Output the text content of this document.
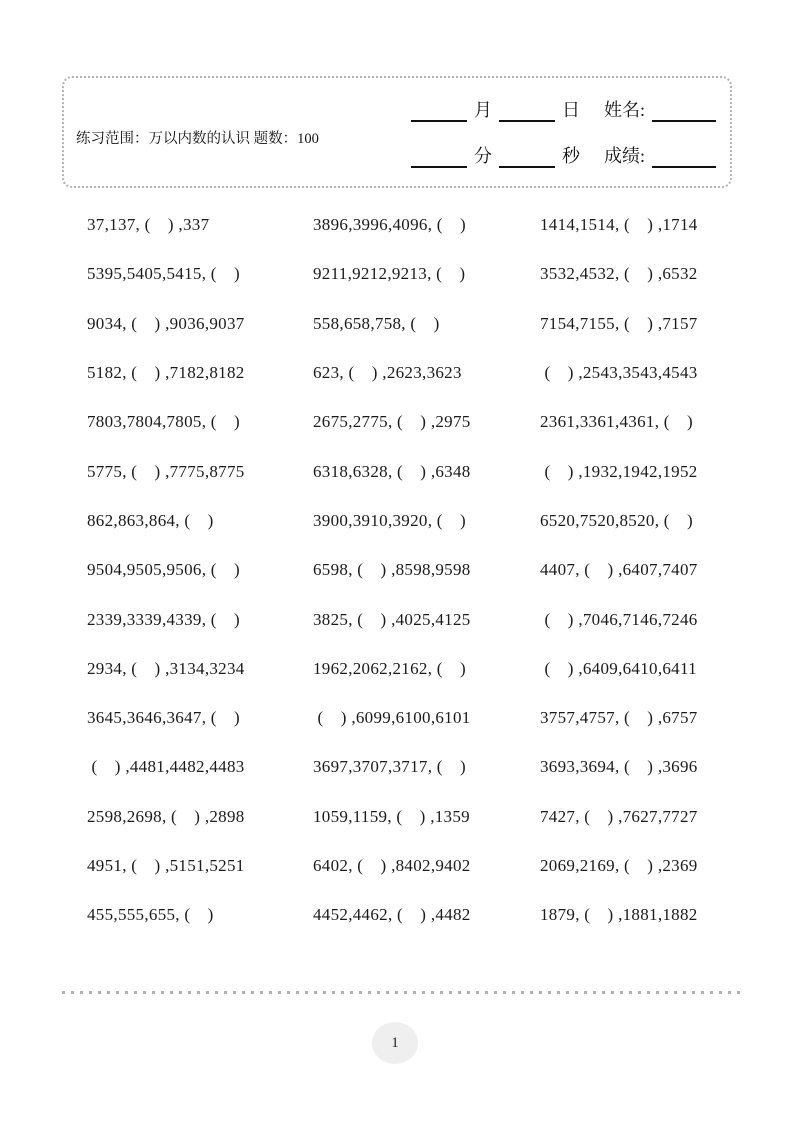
练习范围：万以内数的认识 题数：100
月	日 姓名:
分	秒 成绩:
37,137, (　) ,337	3896,3996,4096, (　)	1414,1514, (　) ,1714
5395,5405,5415, (　)	9211,9212,9213, (　)	3532,4532, (　) ,6532
9034, (　) ,9036,9037	558,658,758, (　)	7154,7155, (　) ,7157
5182, (　) ,7182,8182	623, (　) ,2623,3623	(　) ,2543,3543,4543
7803,7804,7805, (　)	2675,2775, (　) ,2975	2361,3361,4361, (　)
5775, (　) ,7775,8775	6318,6328, (　) ,6348	(　) ,1932,1942,1952
862,863,864, (　)	3900,3910,3920, (　)	6520,7520,8520, (　)
9504,9505,9506, (　)	6598, (　) ,8598,9598	4407, (　) ,6407,7407
2339,3339,4339, (　)	3825, (　) ,4025,4125	(　) ,7046,7146,7246
2934, (　) ,3134,3234	1962,2062,2162, (　)	(　) ,6409,6410,6411
3645,3646,3647, (　)	(　) ,6099,6100,6101	3757,4757, (　) ,6757
(　) ,4481,4482,4483	3697,3707,3717, (　)	3693,3694, (　) ,3696
2598,2698, (　) ,2898	1059,1159, (　) ,1359	7427, (　) ,7627,7727
4951, (　) ,5151,5251	6402, (　) ,8402,9402	2069,2169, (　) ,2369
455,555,655, (　)	4452,4462, (　) ,4482	1879, (　) ,1881,1882
1
